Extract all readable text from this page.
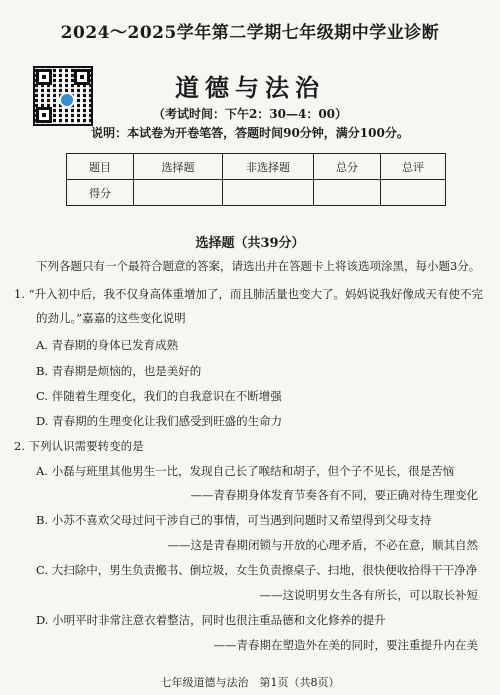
2024～2025学年第二学期七年级期中学业诊断
道德与法治
（考试时间：下午2：30—4：00）
说明：本试卷为开卷笔答，答题时间90分钟，满分100分。
题目	选择题	非选择题	总分	总评
得分				
选择题（共39分）
下列各题只有一个最符合题意的答案，请选出并在答题卡上将该选项涂黑，每小题3分。
1. “升入初中后，我不仅身高体重增加了，而且肺活量也变大了。妈妈说我好像成天有使不完
的劲儿。”嘉嘉的这些变化说明
A. 青春期的身体已发育成熟
B. 青春期是烦恼的，也是美好的
C. 伴随着生理变化，我们的自我意识在不断增强
D. 青春期的生理变化让我们感受到旺盛的生命力
2. 下列认识需要转变的是
A. 小磊与班里其他男生一比，发现自己长了喉结和胡子，但个子不见长，很是苦恼
——青春期身体发育节奏各有不同，要正确对待生理变化
B. 小苏不喜欢父母过问干涉自己的事情，可当遇到问题时又希望得到父母支持
——这是青春期闭锁与开放的心理矛盾，不必在意，顺其自然
C. 大扫除中，男生负责搬书、倒垃圾，女生负责擦桌子、扫地，很快便收拾得干干净净
——这说明男女生各有所长，可以取长补短
D. 小明平时非常注意衣着整洁，同时也很注重品德和文化修养的提升
——青春期在塑造外在美的同时，要注重提升内在美
七年级道德与法治　第1页（共8页）
